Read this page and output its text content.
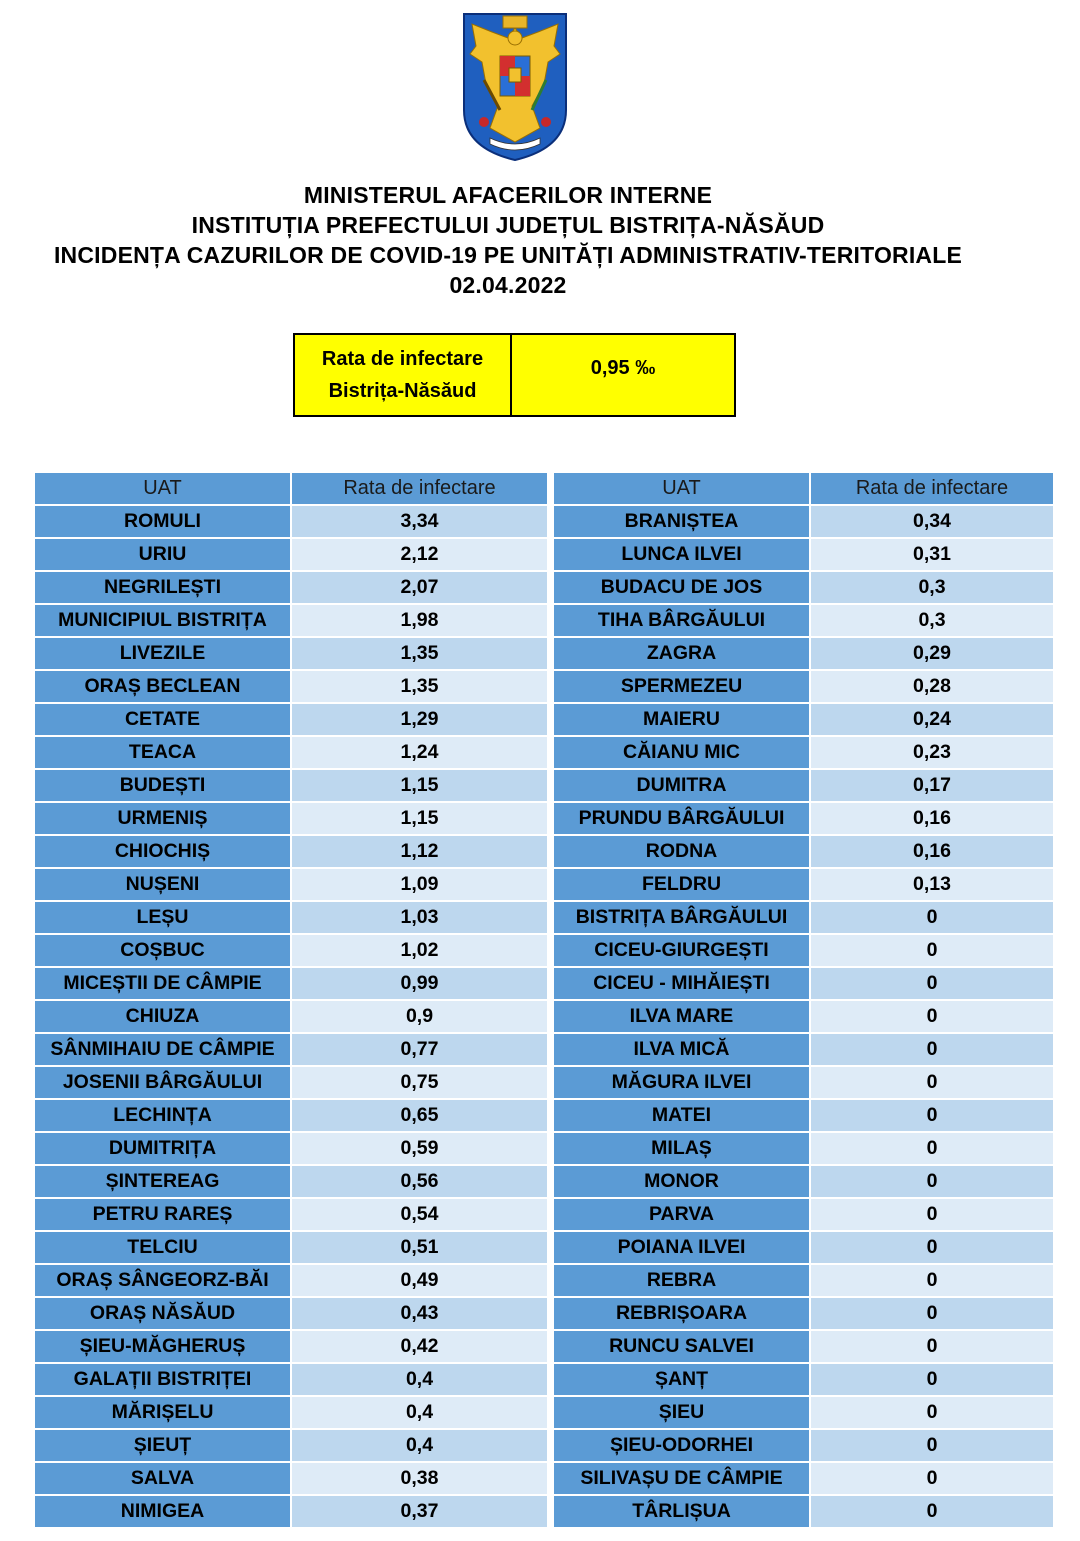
MINISTERUL AFACERILOR INTERNE
INSTITUȚIA PREFECTULUI JUDEȚUL BISTRIȚA-NĂSĂUD
INCIDENȚA CAZURILOR DE COVID-19 PE UNITĂȚI ADMINISTRATIV-TERITORIALE
02.04.2022
Rata de infectare
Bistrița-Năsăud
0,95 ‰
UAT	Rata de infectare
ROMULI	3,34
URIU	2,12
NEGRILEȘTI	2,07
MUNICIPIUL BISTRIȚA	1,98
LIVEZILE	1,35
ORAȘ BECLEAN	1,35
CETATE	1,29
TEACA	1,24
BUDEȘTI	1,15
URMENIȘ	1,15
CHIOCHIȘ	1,12
NUȘENI	1,09
LEȘU	1,03
COȘBUC	1,02
MICEȘTII DE CÂMPIE	0,99
CHIUZA	0,9
SÂNMIHAIU DE CÂMPIE	0,77
JOSENII BÂRGĂULUI	0,75
LECHINȚA	0,65
DUMITRIȚA	0,59
ȘINTEREAG	0,56
PETRU RAREȘ	0,54
TELCIU	0,51
ORAȘ SÂNGEORZ-BĂI	0,49
ORAȘ NĂSĂUD	0,43
ȘIEU-MĂGHERUȘ	0,42
GALAȚII BISTRIȚEI	0,4
MĂRIȘELU	0,4
ȘIEUȚ	0,4
SALVA	0,38
NIMIGEA	0,37
UAT	Rata de infectare
BRANIȘTEA	0,34
LUNCA ILVEI	0,31
BUDACU DE JOS	0,3
TIHA BÂRGĂULUI	0,3
ZAGRA	0,29
SPERMEZEU	0,28
MAIERU	0,24
CĂIANU MIC	0,23
DUMITRA	0,17
PRUNDU BÂRGĂULUI	0,16
RODNA	0,16
FELDRU	0,13
BISTRIȚA BÂRGĂULUI	0
CICEU-GIURGEȘTI	0
CICEU - MIHĂIEȘTI	0
ILVA MARE	0
ILVA MICĂ	0
MĂGURA ILVEI	0
MATEI	0
MILAȘ	0
MONOR	0
PARVA	0
POIANA ILVEI	0
REBRA	0
REBRIȘOARA	0
RUNCU SALVEI	0
ȘANȚ	0
ȘIEU	0
ȘIEU-ODORHEI	0
SILIVAȘU DE CÂMPIE	0
TÂRLIȘUA	0
